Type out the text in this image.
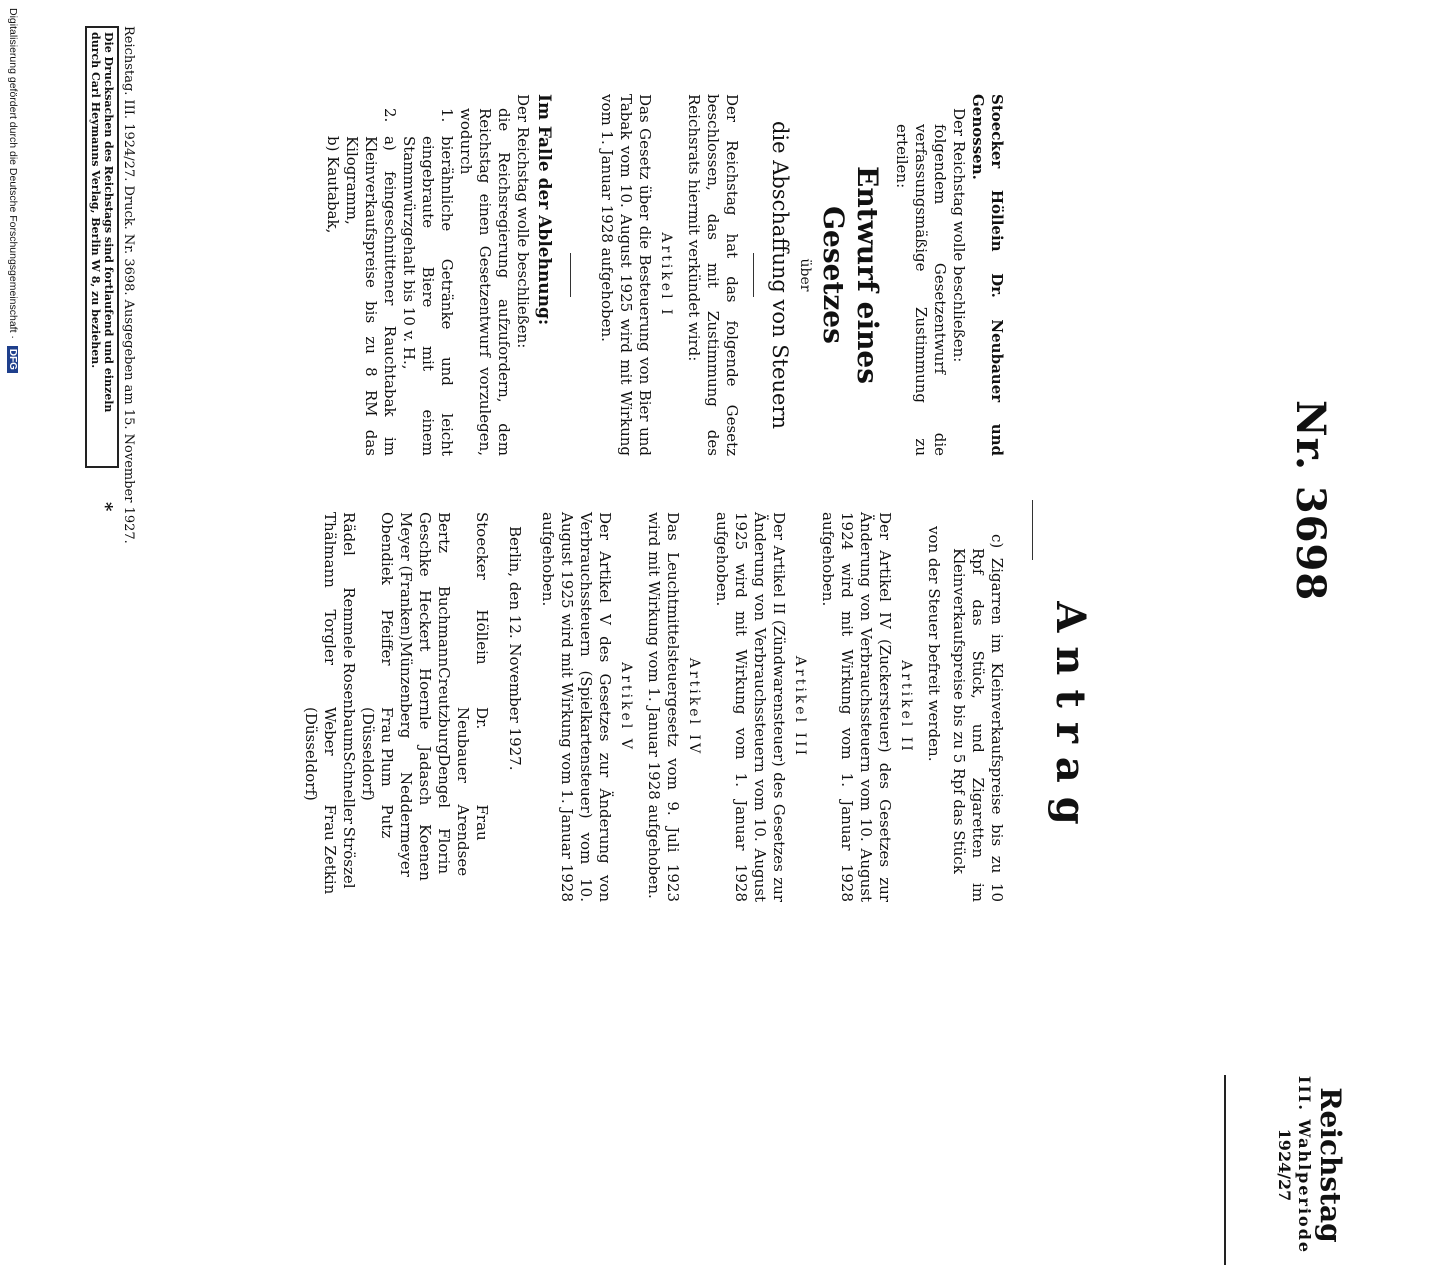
Nr. 3698
Reichstag
III. Wahlperiode
1924/27
Antrag

Stoecker Höllein Dr. Neubauer und Genossen.

Der Reichstag wolle beschließen:

folgendem Gesetzentwurf die verfassungsmäßige Zustimmung zu erteilen:

Entwurf eines Gesetzes

über

die Abschaffung von Steuern

Der Reichstag hat das folgende Gesetz beschlossen, das mit Zustimmung des Reichsrats hiermit verkündet wird:

Artikel I

Das Gesetz über die Besteuerung von Bier und Tabak vom 10. August 1925 wird mit Wirkung vom 1. Januar 1928 aufgehoben.

Im Falle der Ablehnung:

Der Reichstag wolle beschließen:

die Reichsregierung aufzufordern, dem Reichstag einen Gesetzentwurf vorzulegen, wodurch

1.
bierähnliche Getränke und leicht eingebraute Biere mit einem Stammwürzgehalt bis 10 v. H.,
2.
a) feingeschnittener Rauchtabak im Kleinverkaufspreise bis zu 8 RM das Kilogramm,
b) Kautabak,

c) Zigarren im Kleinverkaufspreise bis zu 10 Rpf das Stück, und Zigaretten im Kleinverkaufspreise bis zu 5 Rpf das Stück

von der Steuer befreit werden.

Artikel II

Der Artikel IV (Zuckersteuer) des Gesetzes zur Änderung von Verbrauchssteuern vom 10. August 1924 wird mit Wirkung vom 1. Januar 1928 aufgehoben.

Artikel III

Der Artikel II (Zündwarensteuer) des Gesetzes zur Änderung von Verbrauchssteuern vom 10. August 1925 wird mit Wirkung vom 1. Januar 1928 aufgehoben.

Artikel IV

Das Leuchtmittelsteuergesetz vom 9. Juli 1923 wird mit Wirkung vom 1. Januar 1928 aufgehoben.

Artikel V

Der Artikel V des Gesetzes zur Änderung von Verbrauchssteuern (Spielkartensteuer) vom 10. August 1925 wird mit Wirkung vom 1. Januar 1928 aufgehoben.

Berlin, den 12. November 1927.

Stoecker
Höllein
Dr. Neubauer
Frau Arendsee
Bertz
Buchmann
Creutzburg
Dengel
Florin
Geschke
Heckert
Hoernle
Jadasch
Koenen
Meyer (Franken)
Münzenberg
Neddermeyer
Obendiek
Pfeiffer
Frau Plum (Düsseldorf)
Putz
Rädel
Remmele
Rosenbaum
Schneller
Ströszel
Thälmann
Torgler
Weber (Düsseldorf)
Frau Zetkin
Reichstag. III. 1924/27. Druck. Nr. 3698. Ausgegeben am 15. November 1927.
Die Drucksachen des Reichstags sind fortlaufend und einzeln
durch Carl Heymanns Verlag, Berlin W 8, zu beziehen.
*
Digitalisierung gefördert durch die Deutsche Forschungsgemeinschaft · DFG
